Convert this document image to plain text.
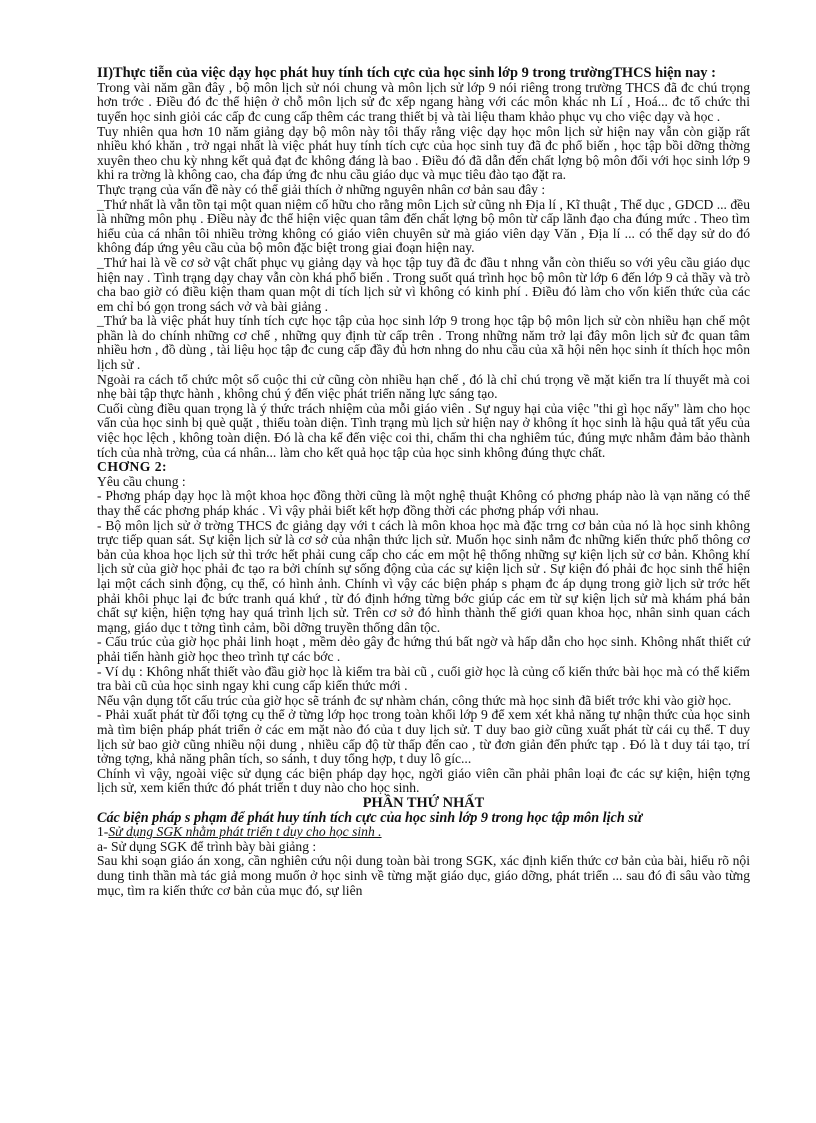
II)Thực tiễn của việc dạy học phát huy tính tích cực của học sinh lớp 9 trong trườngTHCS hiện nay :

Trong vài năm gần đây , bộ môn lịch sử nói chung và môn lịch sử lớp 9 nói riêng trong trường THCS đã đc chú trọng hơn trớc . Điều đó đc thể hiện ở chỗ môn lịch sử đc xếp ngang hàng với các môn khác nh Lí , Hoá... đc tổ chức thi tuyển học sinh giỏi các cấp đc cung cấp thêm các trang thiết bị và tài liệu tham khảo phục vụ cho việc dạy và học .

Tuy nhiên qua hơn 10 năm giảng dạy bộ môn này tôi thấy rằng việc dạy học môn lịch sử hiện nay vẫn còn giặp rất nhiều khó khăn , trở ngại nhất là việc phát huy tính tích cực của học sinh tuy đã đc phổ biến , học tập bồi dỡng thờng xuyên theo chu kỳ nhng kết quả đạt đc không đáng là bao . Điều đó đã dẫn đến chất lợng bộ môn đối với học sinh lớp 9 khi ra trờng là không cao, cha đáp ứng đc nhu cầu giáo dục và mục tiêu đào tạo đặt ra.

Thực trạng của vấn đề này có thể giải thích ở những nguyên nhân cơ bản sau đây :

_Thứ nhất là vẫn tồn tại một quan niệm cố hữu cho rằng môn Lịch sử cũng nh Địa lí , Kĩ thuật , Thể dục , GDCD ... đều là những môn phụ . Điều này đc thể hiện việc quan tâm đến chất lợng bộ môn từ cấp lãnh đạo cha đúng mức . Theo tìm hiểu của cá nhân tôi nhiều trờng không có giáo viên chuyên sử mà giáo viên dạy Văn , Địa lí ... có thể dạy sử do đó không đáp ứng yêu cầu của bộ môn đặc biệt trong giai đoạn hiện nay.

_Thứ hai là về cơ sở vật chất phục vụ giảng dạy và học tập tuy đã đc đầu t nhng vẫn còn thiếu so với yêu cầu giáo dục hiện nay . Tình trạng dạy chay vẫn còn khá phổ biến . Trong suốt quá trình học bộ môn từ lớp 6 đến lớp 9 cả thầy và trò cha bao giờ có điều kiện tham quan một di tích lịch sử vì không có kinh phí . Điều đó làm cho vốn kiến thức của các em chỉ bó gọn trong sách vở và bài giảng .

_Thứ ba là việc phát huy tính tích cực học tập của học sinh lớp 9 trong học tập bộ môn lịch sử còn nhiều hạn chế một phần là do chính những cơ chế , những quy định từ cấp trên . Trong những năm trở lại đây môn lịch sử đc quan tâm nhiều hơn , đồ dùng , tài liệu học tập đc cung cấp đầy đủ hơn nhng do nhu cầu của xã hội nên học sinh ít thích học môn lịch sử .

Ngoài ra cách tổ chức một số cuộc thi cử cũng còn nhiều hạn chế , đó là chỉ chú trọng về mặt kiến tra lí thuyết mà coi nhẹ bài tập thực hành , không chú ý đến việc phát triển năng lực sáng tạo.

Cuối cùng điều quan trọng là ý thức trách nhiệm của mỗi giáo viên . Sự nguy hại của việc "thi gì học nấy" làm cho học vấn của học sinh bị què quặt , thiếu toàn diện. Tình trạng mù lịch sử hiện nay ở không ít học sinh là hậu quả tất yếu của việc học lệch , không toàn diện. Đó là cha kể đến việc coi thi, chấm thi cha nghiêm túc, đúng mực nhằm đảm bảo thành tích của nhà trờng, của cá nhân... làm cho kết quả học tập của học sinh không đúng thực chất.

CHƠNG 2:

Yêu cầu chung :

- Phơng pháp dạy học là một khoa học đồng thời cũng là một nghệ thuật Không có phơng pháp nào là vạn năng có thể thay thế các phơng pháp khác . Vì vậy phải biết kết hợp đồng thời các phơng pháp với nhau.

- Bộ môn lịch sử ở trờng THCS đc giảng dạy với t cách là môn khoa học mà đặc trng cơ bản của nó là học sinh không trực tiếp quan sát. Sự kiện lịch sử là cơ sở của nhận thức lịch sử. Muốn học sinh nắm đc những kiến thức phổ thông cơ bản của khoa học lịch sử thì trớc hết phải cung cấp cho các em một hệ thống những sự kiện lịch sử cơ bản. Không khí lịch sử của giờ học phải đc tạo ra bởi chính sự sống động của các sự kiện lịch sử . Sự kiện đó phải đc học sinh thể hiện lại một cách sinh động, cụ thể, có hình ảnh. Chính vì vậy các biện pháp s phạm đc áp dụng trong giờ lịch sử trớc hết phải khôi phục lại đc bức tranh quá khứ , từ đó định hớng từng bớc giúp các em từ sự kiện lịch sử mà khám phá bản chất sự kiện, hiện tợng hay quá trình lịch sử. Trên cơ sở đó hình thành thế giới quan khoa học, nhân sinh quan cách mạng, giáo dục t tởng tình cảm, bồi dỡng truyền thống dân tộc.

- Cấu trúc của giờ học phải linh hoạt , mềm dẻo gây đc hứng thú bất ngờ và hấp dẫn cho học sinh. Không nhất thiết cứ phải tiến hành giờ học theo trình tự các bớc .

- Ví dụ : Không nhất thiết vào đầu giờ học là kiểm tra bài cũ , cuối giờ học là củng cố kiến thức bài học mà có thể kiểm tra bài cũ của học sinh ngay khi cung cấp kiến thức mới .

Nếu vận dụng tốt cấu trúc của giờ học sẽ tránh đc sự nhàm chán, công thức mà học sinh đã biết trớc khi vào giờ học.

- Phải xuất phát từ đối tợng cụ thể ở từng lớp học trong toàn khối lớp 9 để xem xét khả năng tự nhận thức của học sinh mà tìm biện pháp phát triển ở các em mặt nào đó của t duy lịch sử. T duy bao giờ cũng xuất phát từ cái cụ thể. T duy lịch sử bao giờ cũng nhiều nội dung , nhiều cấp độ từ thấp đến cao , từ đơn giản đến phức tạp . Đó là t duy tái tạo, trí tởng tợng, khả năng phân tích, so sánh, t duy tổng hợp, t duy lô gíc...

Chính vì vậy, ngoài việc sử dụng các biện pháp dạy học, ngời giáo viên cần phải phân loại đc các sự kiện, hiện tợng lịch sử, xem kiến thức đó phát triển t duy nào cho học sinh.

PHẦN THỨ NHẤT

Các biện pháp s phạm để phát huy tính tích cực của học sinh lớp 9 trong học tập môn lịch sử

1-Sử dụng SGK nhằm phát triển t duy cho học sinh .

a- Sử dụng SGK để trình bày bài giảng :

Sau khi soạn giáo án xong, cần nghiên cứu nội dung toàn bài trong SGK, xác định kiến thức cơ bản của bài, hiểu rõ nội dung tinh thần mà tác giả mong muốn ở học sinh về từng mặt giáo dục, giáo dỡng, phát triển ... sau đó đi sâu vào từng mục, tìm ra kiến thức cơ bản của mục đó, sự liên
